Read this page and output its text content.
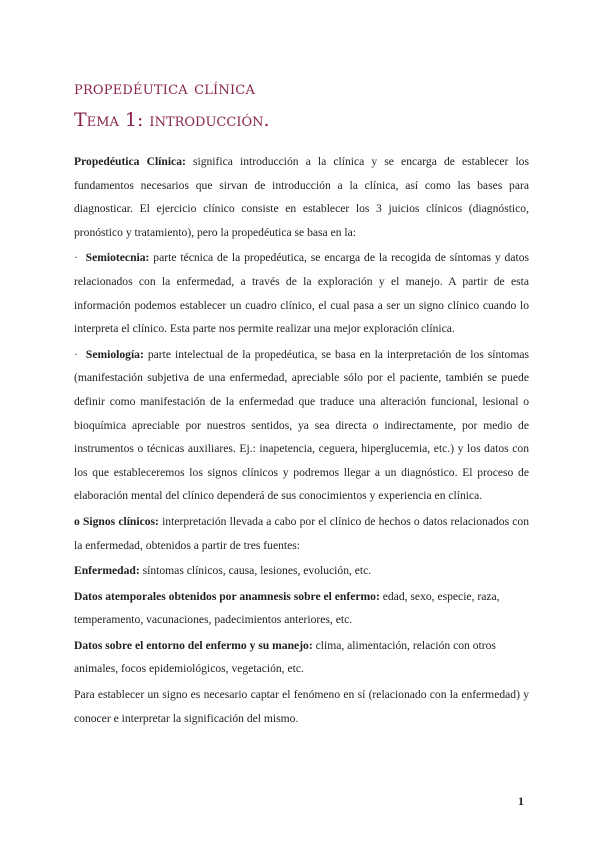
propedéutica clínica
Tema 1: introducción.

Propedéutica Clínica: significa introducción a la clínica y se encarga de establecer los fundamentos necesarios que sirvan de introducción a la clínica, así como las bases para diagnosticar. El ejercicio clínico consiste en establecer los 3 juicios clínicos (diagnóstico, pronóstico y tratamiento), pero la propedéutica se basa en la:

· Semiotecnia: parte técnica de la propedéutica, se encarga de la recogida de síntomas y datos relacionados con la enfermedad, a través de la exploración y el manejo. A partir de esta información podemos establecer un cuadro clínico, el cual pasa a ser un signo clínico cuando lo interpreta el clínico. Esta parte nos permite realizar una mejor exploración clínica.

· Semiología: parte intelectual de la propedéutica, se basa en la interpretación de los síntomas (manifestación subjetiva de una enfermedad, apreciable sólo por el paciente, también se puede definir como manifestación de la enfermedad que traduce una alteración funcional, lesional o bioquímica apreciable por nuestros sentidos, ya sea directa o indirectamente, por medio de instrumentos o técnicas auxiliares. Ej.: inapetencia, ceguera, hiperglucemia, etc.) y los datos con los que estableceremos los signos clínicos y podremos llegar a un diagnóstico. El proceso de elaboración mental del clínico dependerá de sus conocimientos y experiencia en clínica.

o Signos clínicos: interpretación llevada a cabo por el clínico de hechos o datos relacionados con la enfermedad, obtenidos a partir de tres fuentes:

Enfermedad: síntomas clínicos, causa, lesiones, evolución, etc.

Datos atemporales obtenidos por anamnesis sobre el enfermo: edad, sexo, especie, raza, temperamento, vacunaciones, padecimientos anteriores, etc.

Datos sobre el entorno del enfermo y su manejo: clima, alimentación, relación con otros animales, focos epidemiológicos, vegetación, etc.

Para establecer un signo es necesario captar el fenómeno en sí (relacionado con la enfermedad) y conocer e interpretar la significación del mismo.

1
